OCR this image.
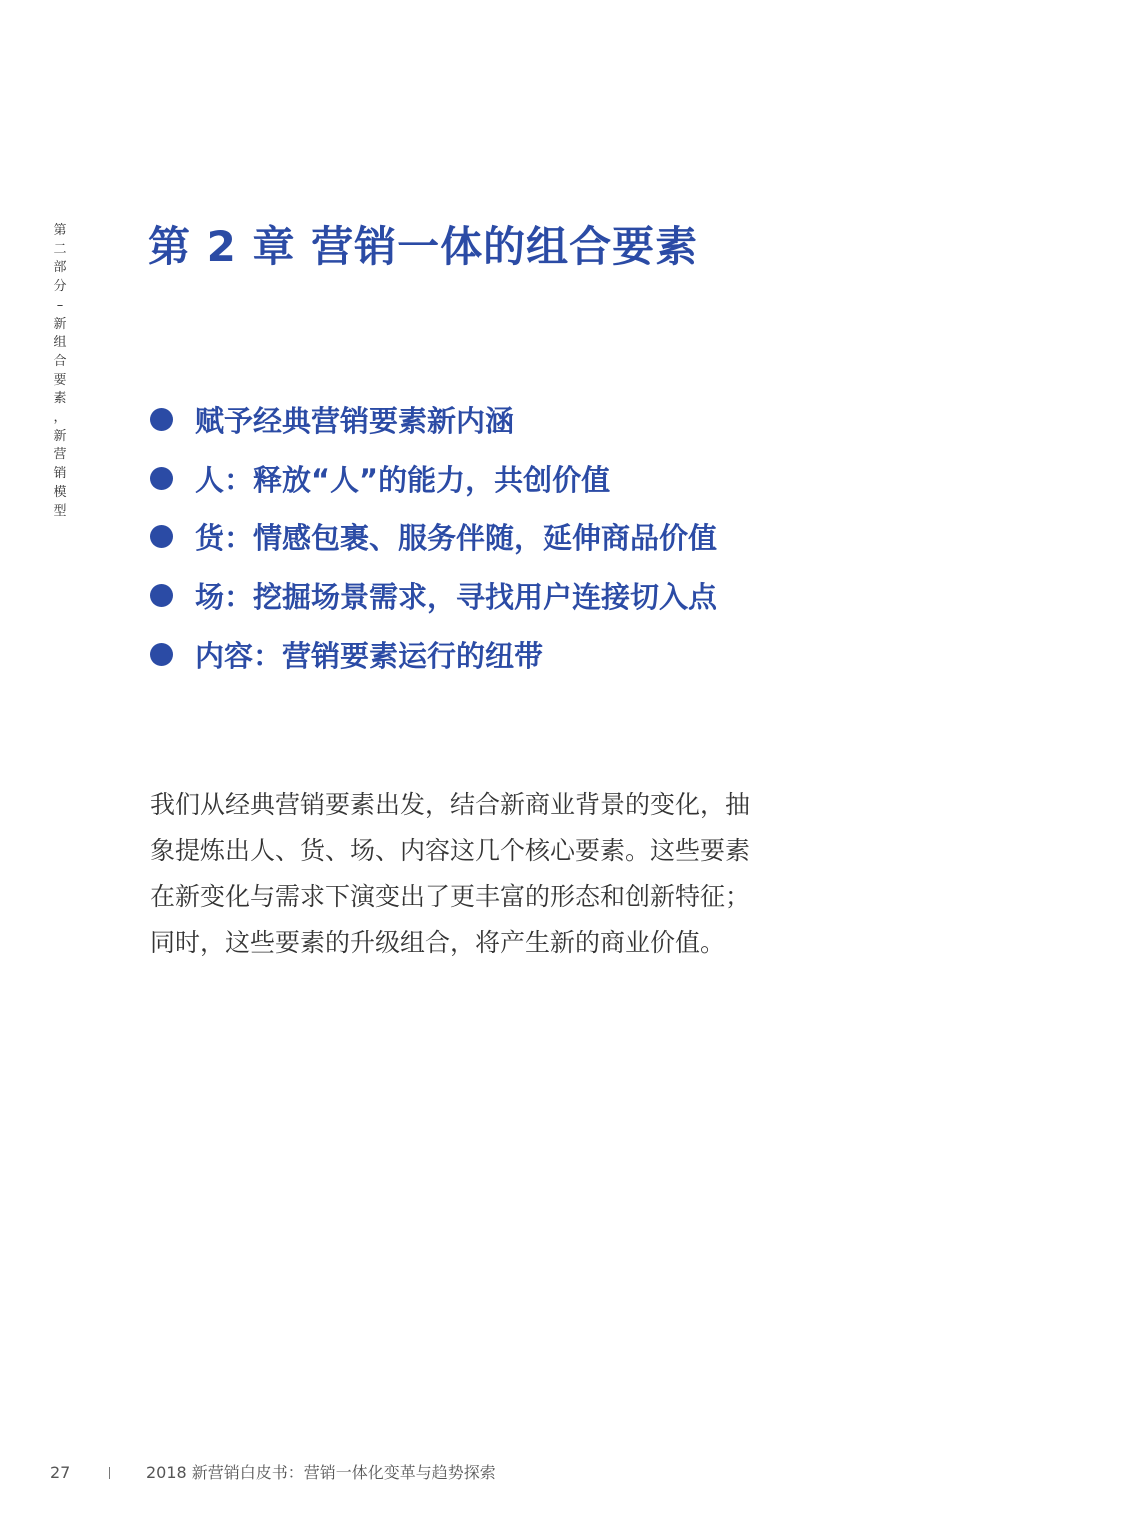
第
二
部
分
–
新
组
合
要
素
，
新
营
销
模
型
第 2 章 营销一体的组合要素
赋予经典营销要素新内涵
人：释放“人”的能力，共创价值
货：情感包裹、服务伴随，延伸商品价值
场：挖掘场景需求，寻找用户连接切入点
内容：营销要素运行的纽带

我们从经典营销要素出发，结合新商业背景的变化，抽
象提炼出人、货、场、内容这几个核心要素。这些要素
在新变化与需求下演变出了更丰富的形态和创新特征；
同时，这些要素的升级组合，将产生新的商业价值。

27	2018 新营销白皮书：营销一体化变革与趋势探索
